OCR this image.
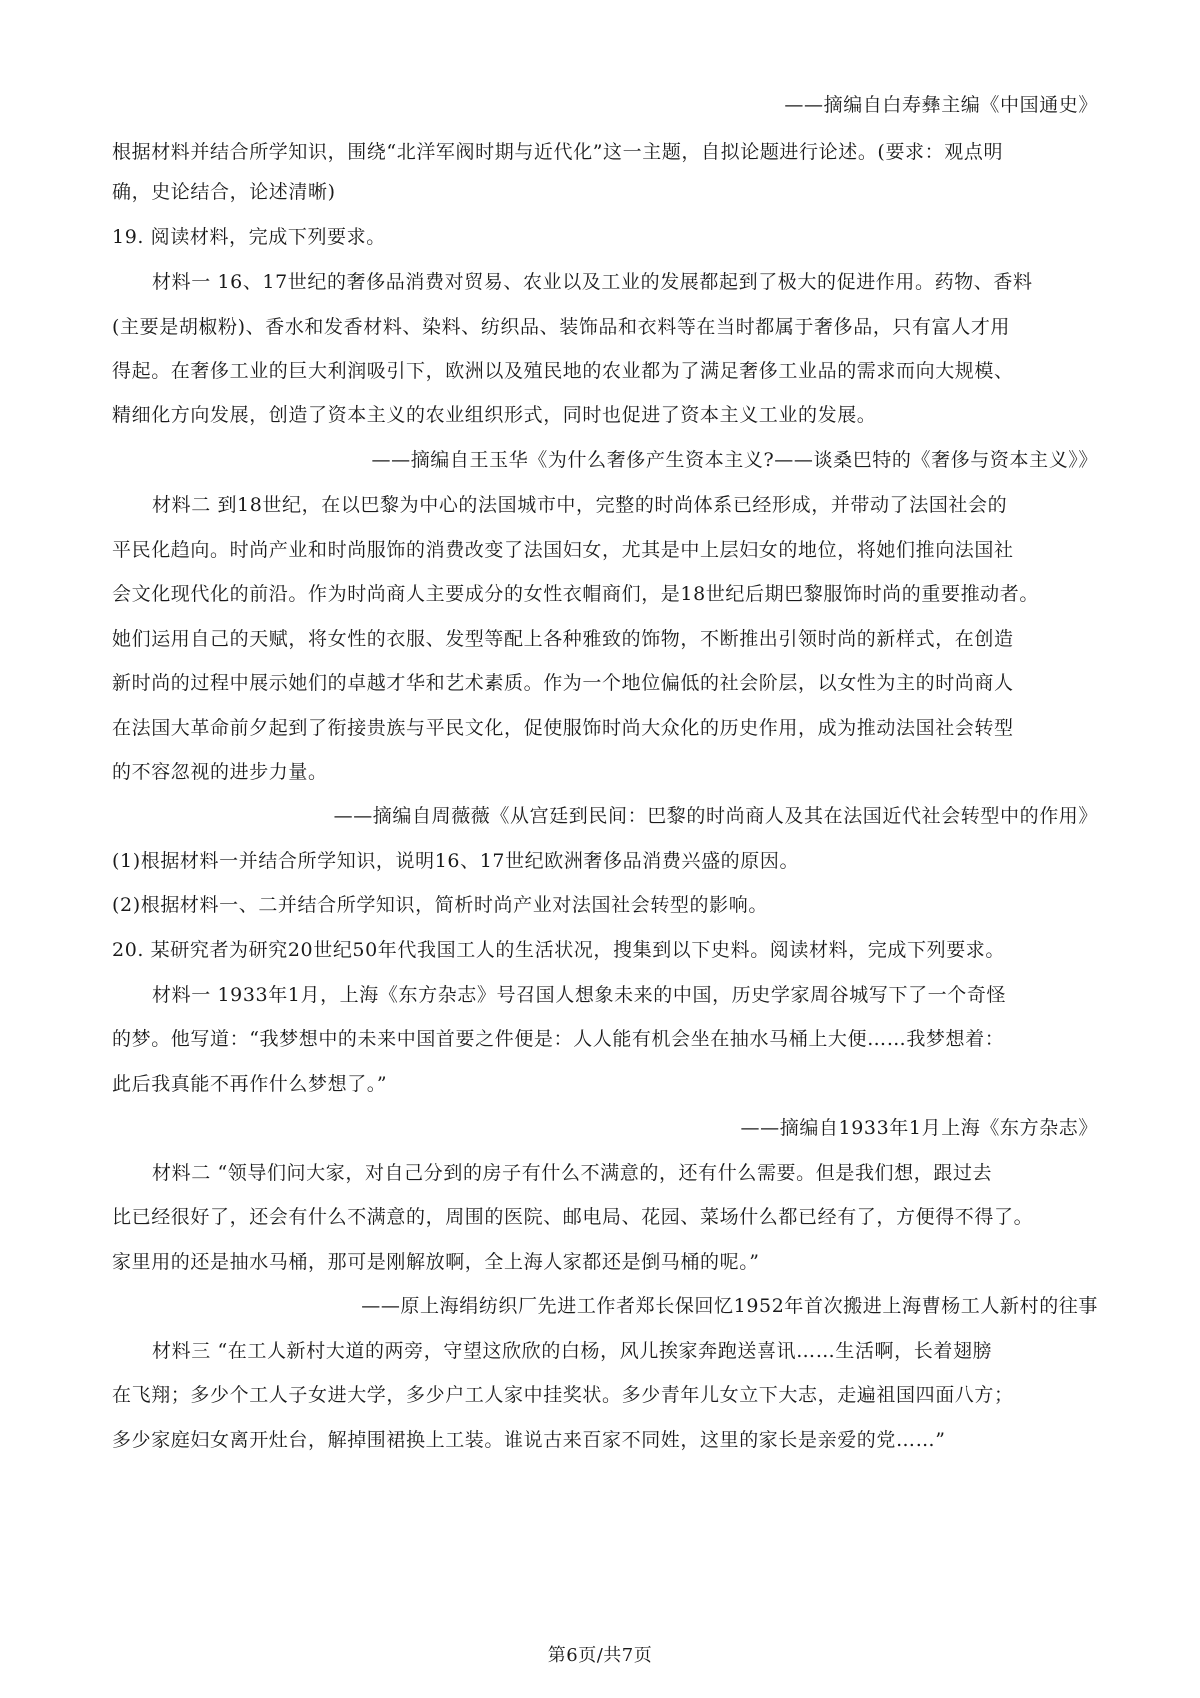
——摘编自白寿彝主编《中国通史》
根据材料并结合所学知识，围绕“北洋军阀时期与近代化”这一主题，自拟论题进行论述。(要求：观点明
确，史论结合，论述清晰)
19. 阅读材料，完成下列要求。
材料一 16、17世纪的奢侈品消费对贸易、农业以及工业的发展都起到了极大的促进作用。药物、香料
(主要是胡椒粉)、香水和发香材料、染料、纺织品、装饰品和衣料等在当时都属于奢侈品，只有富人才用
得起。在奢侈工业的巨大利润吸引下，欧洲以及殖民地的农业都为了满足奢侈工业品的需求而向大规模、
精细化方向发展，创造了资本主义的农业组织形式，同时也促进了资本主义工业的发展。
——摘编自王玉华《为什么奢侈产生资本主义?——谈桑巴特的《奢侈与资本主义》》
材料二 到18世纪，在以巴黎为中心的法国城市中，完整的时尚体系已经形成，并带动了法国社会的
平民化趋向。时尚产业和时尚服饰的消费改变了法国妇女，尤其是中上层妇女的地位，将她们推向法国社
会文化现代化的前沿。作为时尚商人主要成分的女性衣帽商们，是18世纪后期巴黎服饰时尚的重要推动者。
她们运用自己的天赋，将女性的衣服、发型等配上各种雅致的饰物，不断推出引领时尚的新样式，在创造
新时尚的过程中展示她们的卓越才华和艺术素质。作为一个地位偏低的社会阶层，以女性为主的时尚商人
在法国大革命前夕起到了衔接贵族与平民文化，促使服饰时尚大众化的历史作用，成为推动法国社会转型
的不容忽视的进步力量。
——摘编自周薇薇《从宫廷到民间：巴黎的时尚商人及其在法国近代社会转型中的作用》
(1)根据材料一并结合所学知识，说明16、17世纪欧洲奢侈品消费兴盛的原因。
(2)根据材料一、二并结合所学知识，简析时尚产业对法国社会转型的影响。
20. 某研究者为研究20世纪50年代我国工人的生活状况，搜集到以下史料。阅读材料，完成下列要求。
材料一 1933年1月，上海《东方杂志》号召国人想象未来的中国，历史学家周谷城写下了一个奇怪
的梦。他写道：“我梦想中的未来中国首要之件便是：人人能有机会坐在抽水马桶上大便……我梦想着：
此后我真能不再作什么梦想了。”
——摘编自1933年1月上海《东方杂志》
材料二 “领导们问大家，对自己分到的房子有什么不满意的，还有什么需要。但是我们想，跟过去
比已经很好了，还会有什么不满意的，周围的医院、邮电局、花园、菜场什么都已经有了，方便得不得了。
家里用的还是抽水马桶，那可是刚解放啊，全上海人家都还是倒马桶的呢。”
——原上海绢纺织厂先进工作者郑长保回忆1952年首次搬进上海曹杨工人新村的往事
材料三 “在工人新村大道的两旁，守望这欣欣的白杨，风儿挨家奔跑送喜讯……生活啊，长着翅膀
在飞翔；多少个工人子女进大学，多少户工人家中挂奖状。多少青年儿女立下大志，走遍祖国四面八方；
多少家庭妇女离开灶台，解掉围裙换上工装。谁说古来百家不同姓，这里的家长是亲爱的党……”
第6页/共7页
